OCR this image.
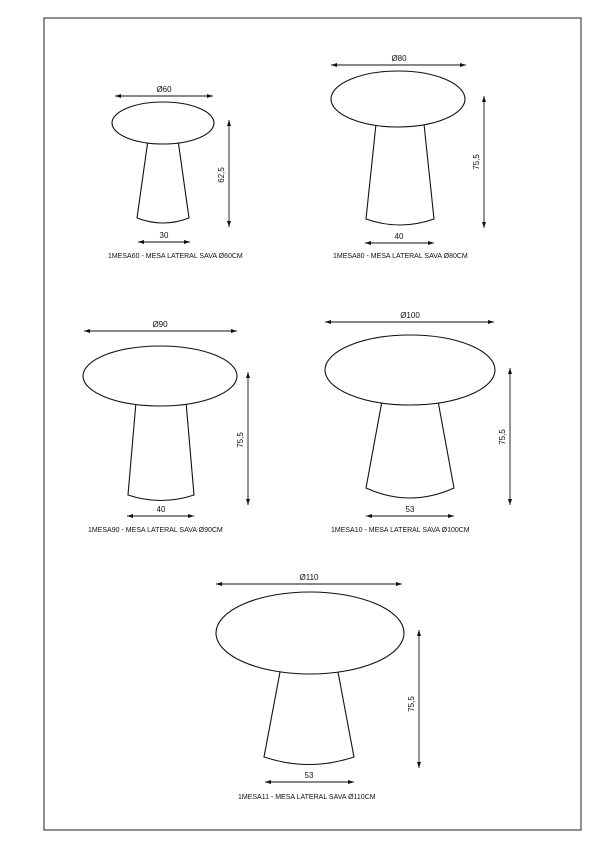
Ø60
62,5
30
1MESA60 - MESA LATERAL SAVA Ø60CM
Ø80
75,5
40
1MESA80 - MESA LATERAL SAVA Ø80CM
Ø90
75,5
40
1MESA90 - MESA LATERAL SAVA Ø90CM
Ø100
75,5
53
1MESA10 - MESA LATERAL SAVA Ø100CM
Ø110
75,5
53
1MESA11 - MESA LATERAL SAVA Ø110CM
